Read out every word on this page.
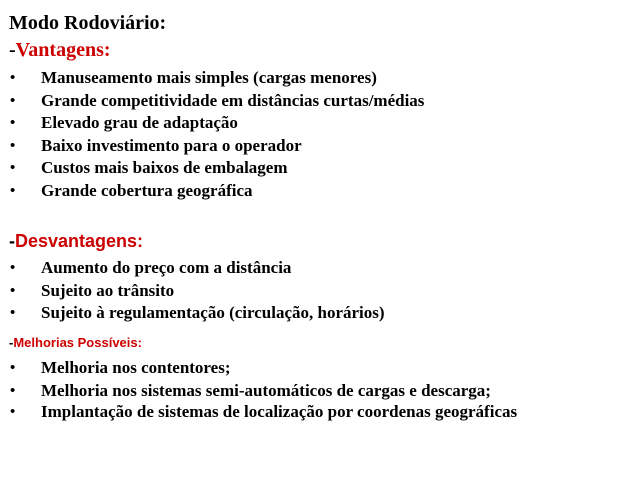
Modo Rodoviário:
-Vantagens:
• Manuseamento mais simples (cargas menores)
• Grande competitividade em distâncias curtas/médias
• Elevado grau de adaptação
• Baixo investimento para o operador
• Custos mais baixos de embalagem
• Grande cobertura geográfica
-Desvantagens:
• Aumento do preço com a distância
• Sujeito ao trânsito
• Sujeito à regulamentação (circulação, horários)
-Melhorias Possíveis:
• Melhoria nos contentores;
• Melhoria nos sistemas semi-automáticos de cargas e descarga;
• Implantação de sistemas de localização por coordenas geográficas
